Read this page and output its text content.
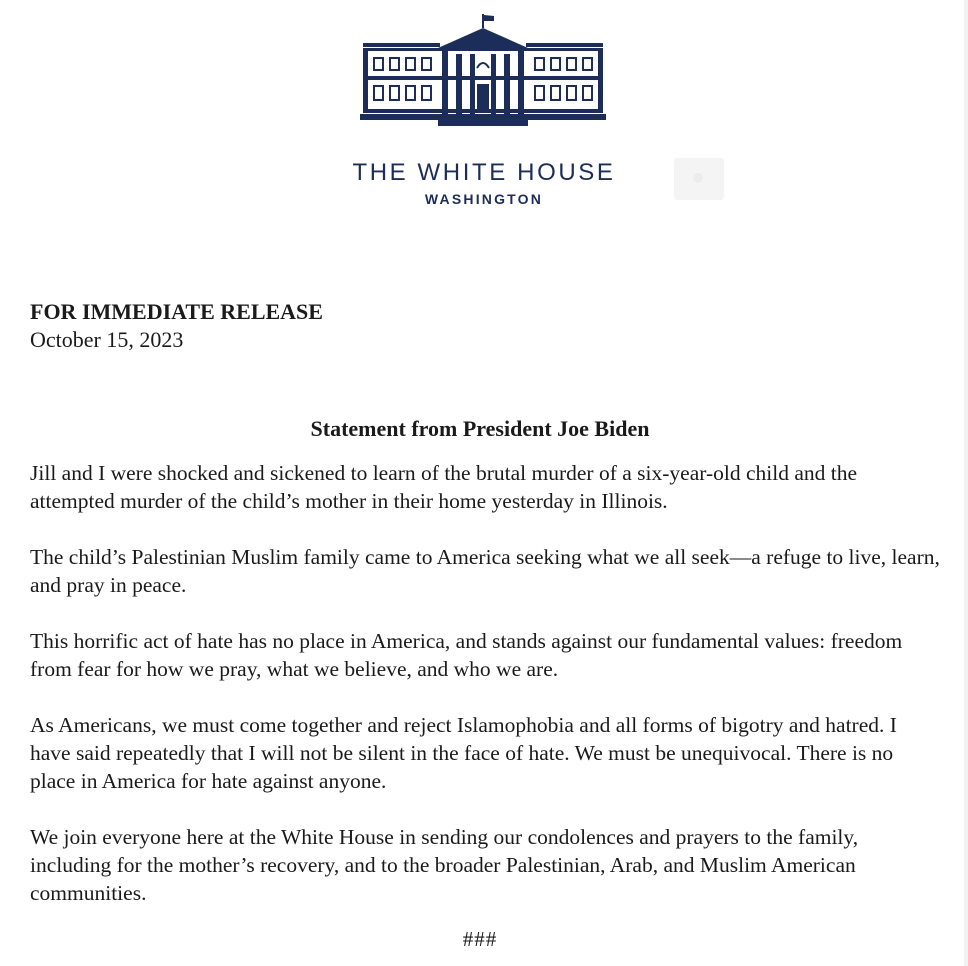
THE WHITE HOUSE
WASHINGTON
FOR IMMEDIATE RELEASE
October 15, 2023
Statement from President Joe Biden

Jill and I were shocked and sickened to learn of the brutal murder of a six-year-old child and the attempted murder of the child’s mother in their home yesterday in Illinois.

The child’s Palestinian Muslim family came to America seeking what we all seek—a refuge to live, learn, and pray in peace.

This horrific act of hate has no place in America, and stands against our fundamental values: freedom from fear for how we pray, what we believe, and who we are.

As Americans, we must come together and reject Islamophobia and all forms of bigotry and hatred. I have said repeatedly that I will not be silent in the face of hate. We must be unequivocal. There is no place in America for hate against anyone.

We join everyone here at the White House in sending our condolences and prayers to the family, including for the mother’s recovery, and to the broader Palestinian, Arab, and Muslim American communities.

###
